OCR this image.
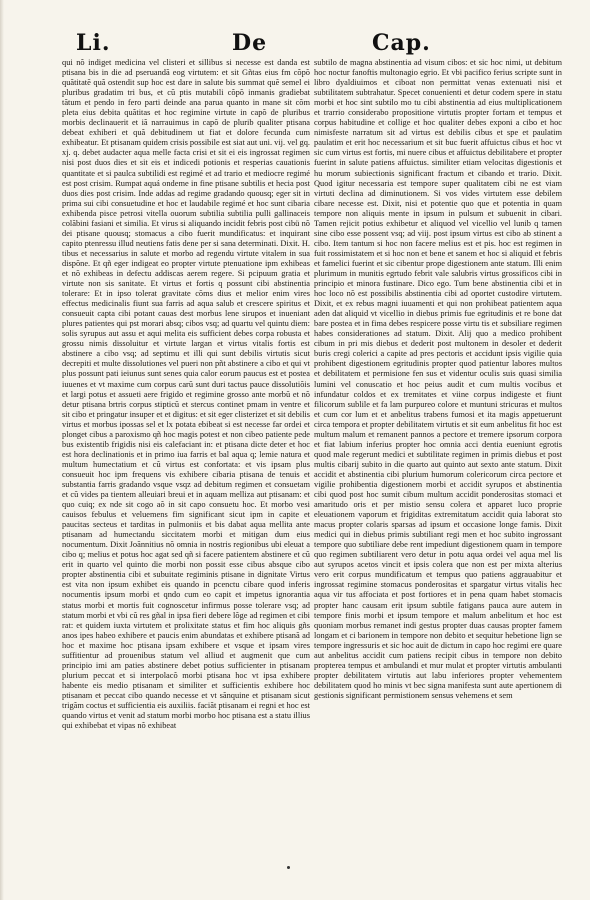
Li.	De	Cap.

qui nõ indiget medicina vel clisteri et sillibus si necesse est danda est ptisana bis in die ad pseruandã eog virtutem: et sit Gñtas eius fm cõpõ quãtitatẽ quã ostendit sup hoc est dare in salute bis summat quẽ semel ei pluribus gradatim tri bus, et cũ ptis mutabili cõpõ inmanis gradiebat tãtum et pendo in fero parti deinde ana parua quanto in mane sit cõm pleta eius debita quãtitas et hoc regimine virtute in capõ de pluribus morbis declinauerit et iã narrauimus in capõ de plurib qualiter ptisana debeat exhiberi et quã debitudinem ut fiat et dolore fecunda cum exhibeatur. Et ptisanam quidem crisis possibile est siat aut uni. vij. vel gq. xj. q. debet audacter aqua melle facta crisi et sit ei eis ingrossat regimen nisi post duos dies et sit eis et indicedi potionis et resperias cauationis quantitate et si paulca subtilidi est regimé et ad trario et mediocre regimé est post crisim. Rumpat aquá ondeme in fine ptisane subtilis et hecia post duos dies post crisim. Inde addas ad regime gradando quousq; eger sit in prima sui cibi consuetudine et hoc et laudabile regimé et hoc sunt cibaria exhibenda pisce petrosi vitella ouorum subtilia subtilia pulli gallinaceis colãbini fasiani et similia. Et virus si aliquando incidit febris post cibü nõ dei ptisane quousq; stomacus a cibo fuerit mundificatus: et inquirant capito ptenressu illud neutiens fatis dene per si sana determinati. Dixit. H. tibus et necessarius in salute et morbo ad regendu virtute vitalem in sua dispõne. Et qñ eger indigeat eo propter virtute ptenuatione ipm exhibeas et nõ exhibeas in defectu addiscas aerem regere. Si pcipuum gratia et virtute non sis sanitate. Et virtus et fortis q possunt cibi abstinentia tolerare: Et in ipso tolerat gravitate cõms dius et melior enim vires effectus medicinalis fiunt sua farris ad aqua salub et crescere spiritus et consueuit capta cibi potant cauas dest morbus lene sirupos et inueniant plures patientes qui pst morari absq; cibos vsq; ad quartu vel quintu diem: solis syrupus aut assu et aqui melita eis sufficient debes corpa robusta et grossu nimis dissoluitur et virtute largan et virtus vitalis fortis est abstinere a cibo vsq; ad septimu et illi qui sunt debilis virtutis sicut decrepiti et multe dissolutiones vel pueri non pñt abstinere a cibo et qui vt plus possunt pati ieiunus sunt senes quia calor eorum paucus est et postea iuuenes et vt maxime cum corpus carũ sunt duri tactus pauce dissolutiõis et largi potus et assueti aere frigido et regimine grosso ante morbũ et nõ detur ptisana brtris corpus stipticũ et stercus continet pmam in ventre et sit cibo et pringatur insuper et et digitus: et sit eger clisterizet et sit debilis virtus et morbus ipossas sel et lx potata ebibeat si est necesse far ordei et plonget cibus a paroxismo qñ hoc magis potest et non cibeo patiente pede bus existentib frigidis nisi eis calefaciant in: et ptisana dicte deter et hoc est hora declinationis et in primo iua farris et bal aqua q; lemie natura et multum humectatium et cũ virtus est confortata: et vis ipsam plus consueuit hoc ipm frequens vis exhibere cibaria ptisana de tenuis et substantia farris gradando vsque vsqz ad debitum regimen et consuetam et cũ vides pa tientem alleuiari breui et in aquam melliza aut ptisanam: et quo cuiq; ex nde sit cogo aõ in sit capo consuetu hoc. Et morbo vesi cauisos febulus et veluemens fim significant sicut ipm in capite et paucitas secteus et tarditas in pulmoniis et bis dabat aqua mellita ante ptisanam ad humectandu siccitatem morbi et mitigan dum eius nocumentum. Dixit Joãnnitius nõ omnia in nostris regionibus ubi eleuat a cibo q; melius et potus hoc agat sed qñ si facere patientem abstinere et cũ erit in quarto vel quinto die morbi non possit esse cibus absque cibo propter abstinentia cibi et subuitate regiminis ptisane in dignitate Virtus est vita non ipsum exhibet eis quando in pcenctu cibare quod inferis nocumentis ipsum morbi et qndo cum eo capit et impetus ignorantia status morbi et mortis fuit cognoscetur infirmus posse tolerare vsq; ad statum morbi et vbi cũ res gñal in ipsa fieri debere lõge ad regimen et cibi rat: et quidem iuxta virtutem et prolixitate status et fim hoc aliquis gñs anos ipes habeo exhibere et paucis enim abundatas et exhibere ptisanã ad hoc et maxime hoc ptisana ipsam exhibere et vsque et ipsam vires suffitientur ad prouenibus statum vel alliud et augmenit que cum principio imi am paties abstinere debet potius sufficienter in ptisanam plurium peccat et si interpolacõ morbi ptisana hoc vt ipsa exhibere habente eis medio ptisanam et similiter et sufficientis exhibere hoc ptisanam et peccat cibo quando necesse et vt sãnquine et ptisanam sicut trigãm coctus et sufficientia eis auxiliis. faciãt ptisanam ei regni et hoc est quando virtus et venit ad statum morbi morbo hoc ptisana est a statu illius qui exhibebat et vipas nõ exhibeat

subtilo de magna abstinentia ad visum cibos: et sic hoc nimi, ut debitum hoc noctur fanoftis multonagio egrio. Et vbi pacifico ferius scripte sunt in libro dyaldiuimos et ciboat non permittat venas extenuati nisi et subtilitatem subtrahatur. Specet conuenienti et detur codem spere in statu morbi et hoc sint subtilo mo tu cibi abstinentia ad eius multiplicationem et trarrio considerabo propositione virtutis propter fortam et tempus et corpus habitudine et collige et hoc qualiter debes exponi a cibo et hoc nimisfeste narratum sit ad virtus est debilis cibus et spe et paulatim paulatim et erit hoc necessarium et sit buc fuerit affuictus cibus et hoc vt sic cum virtus est fortis, mi nuere cibus et affuictus debilitabere et propter fuerint in salute patiens affuictus. similiter etiam velocitas digestionis et hu morum subiectionis significant fractum et cibando et trario. Dixit. Quod igitur necessaria est tempore super qualitatem cibi ne est viam virtuti declina ad diminutionem. Si vos vides virtutem esse debilem cibare necesse est. Dixit, nisi et potentie quo que et potentia in quam tempore non aliquis mente in ipsum in pulsum et subuenit in cibari. Tamen rejicit potius exhibetur et aliquod vel vicellio vel lunib q tamen sine cibo esse possent vsq; ad viij. post ipsum virtus est cibo ab stinent a cibo. Item tantum si hoc non facere melius est et pis. hoc est regimen in fuit rossimistatem et si hoc non et bene et sanem et hoc si aliquid et febris et famelici fuerint et sic cibentur prope digestionem ante statum. Illi enim plurimum in munitis egrtudo febrit vale salubris virtus grossificos cibi in principio et minora fustinare. Dico ego. Tum bene abstinentia cibi et in hoc loco nõ est possibilis abstinentia cibi ad oportet custodire virtutem. Dixit, et ex rebus magni iuuamenti et qui non prohibeat patientem aqua aden dat aliquid vt vicellio in diebus primis fue egritudinis et re bone dat bare postea et in fima debes respicere posse virtu tis et subsiliare regimen habes considerationes ad statum. Dixit. Alij quo a medico prohibent cibum in pri mis diebus et dederit post multonem in desoler et dederit buris cregi colerici a capite ad pres pectoris et accidunt ipsis vigilie quia prohibent digestionem egritudinis propter quod patientur labores multos et debilitatem et permisione fen sus et videntur oculis suis quasi similia lumini vel conuscatio et hoc peius audit et cum multis vocibus et infundatur coldos et ex tremitates et viine corpus indigeste et fiunt filicorum sublile et fa lam purpureo colore et muntuni stricuras et multos et cum cor lum et et anbelitus trabens fumosi et ita magis appetuerunt circa tempora et propter debilitatem virtutis et sit eum anbelitus fit hoc est multum malum et remanent pannos a pectore et tremere ipsorum corpora et fiat labium inferius propter hoc omnia acci dentia eueniunt egrotis quod male regerunt medici et subtilitate regimen in primis diebus et post multis cibarij subito in die quarto aut quinto aut sexto ante statum. Dixit accidit et abstinentia cibi plurium humorum colericorum circa pectore et vigilie prohibentia digestionem morbi et accidit syrupos et abstinentia cibi quod post hoc sumit cibum multum accidit ponderositas stomaci et amaritudo oris et per mistio sensu colera et apparet luco proprie eleuationem vaporum et frigiditas extremitatum accidit quia laborat sto macus propter colaris sparsas ad ipsum et occasione longe famis. Dixit medici qui in diebus primis subtiliant regi men et hoc subito ingrossant tempore quo subtiliare debe rent impediunt digestionem quam in tempore quo regimen subtiliarent vero detur in potu aqua ordei vel aqua mel lis aut syrupos acetos vincit et ipsis colera que non est per mixta alterius vero erit corpus mundificatum et tempus quo patiens aggrauabitur et ingrossat regimine stomacus ponderositas et spargatur virtus vitalis hec aqua vir tus affociata et post fortiores et in pena quam habet stomacis propter hanc causam erit ipsum subtile fatigans pauca aure autem in tempore finis morbi et ipsum tempore et malum anbelitum et hoc est quoniam morbus remanet indi gestus propter duas causas propter famem longam et ci barionem in tempore non debito et sequitur hebetione lign se tempore ingressuris et sic hoc auit de dictum in capo hoc regimi ere quare aut anbelitus accidit cum patiens recipit cibus in tempore non debito propterea tempus et ambulandi et mur mulat et propter virtutis ambulanti propter debilitatem virtutis aut labu inferiores propter vehementem debilitatem quod ho minis vt bec signa manifesta sunt aute apertionem di gestionis significant permistionem sensus vehemens et sem
